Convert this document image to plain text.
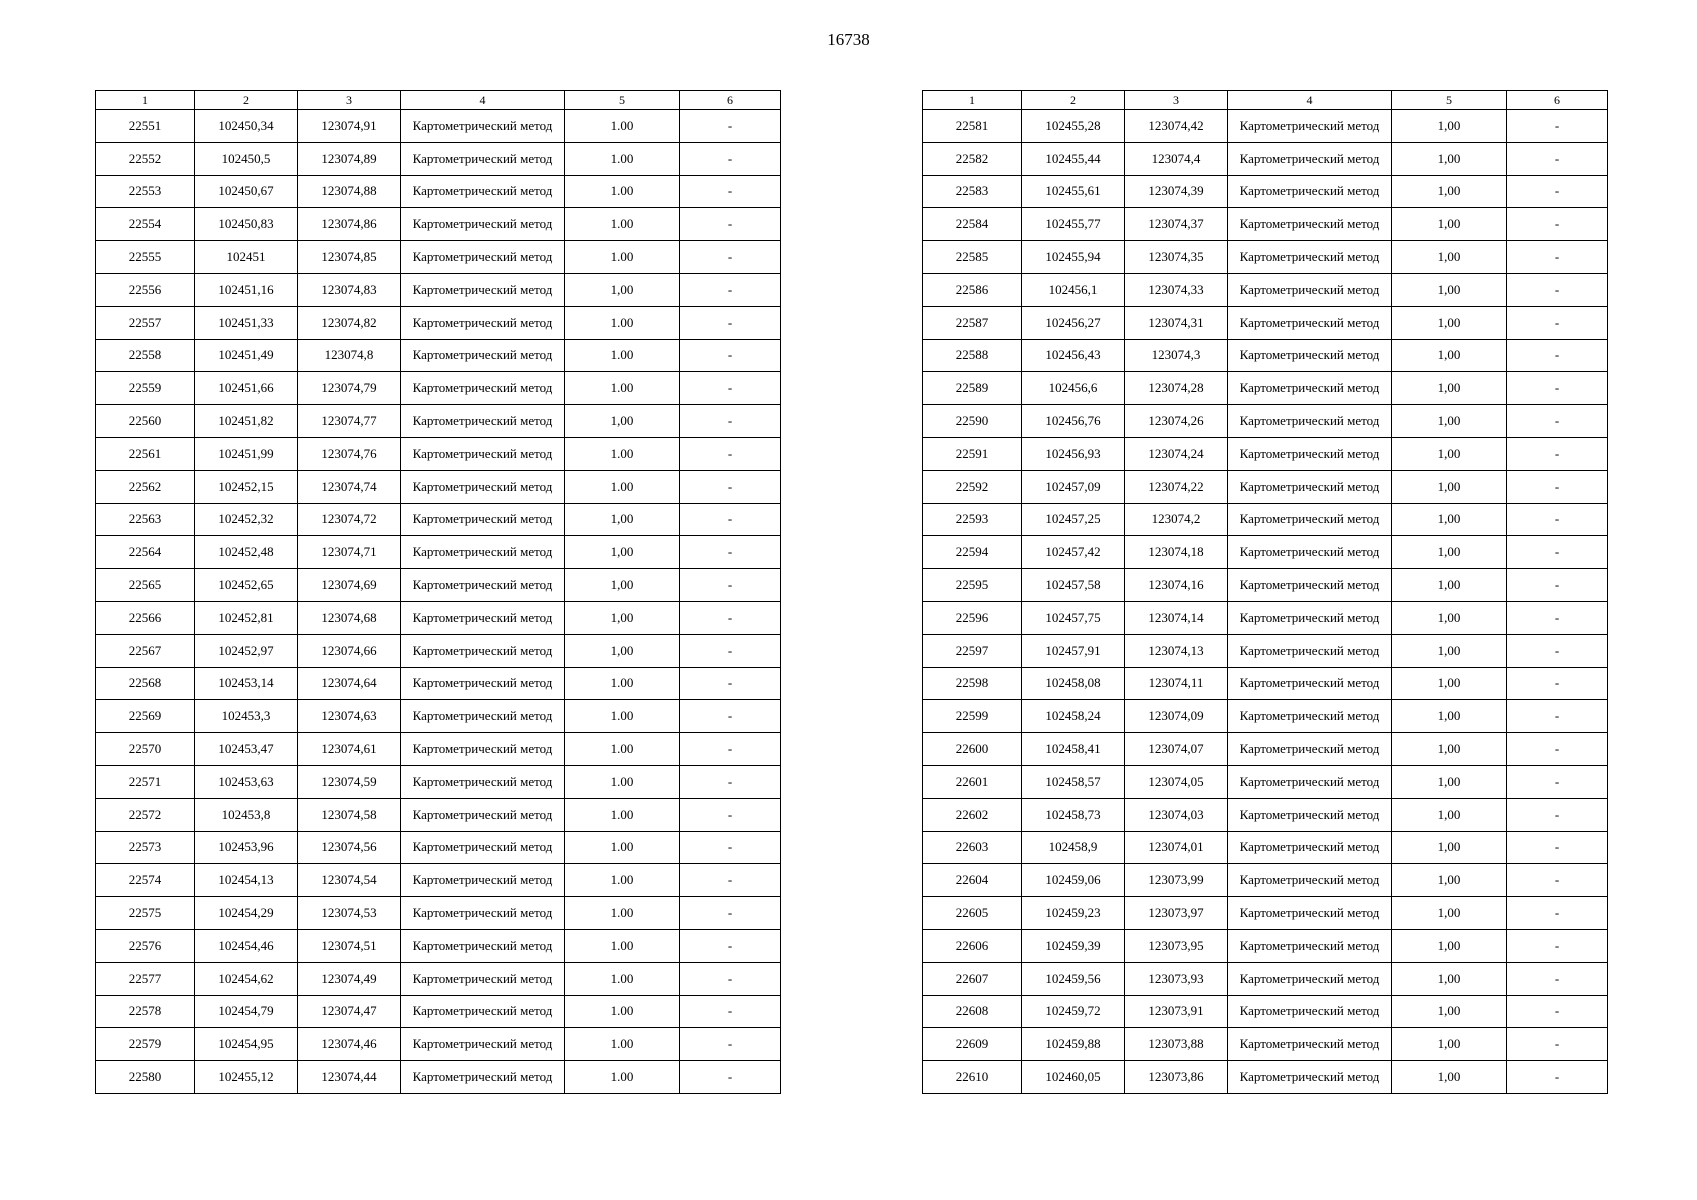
16738
1	2	3	4	5	6
22551	102450,34	123074,91	Картометрический метод	1.00	-
22552	102450,5	123074,89	Картометрический метод	1.00	-
22553	102450,67	123074,88	Картометрический метод	1.00	-
22554	102450,83	123074,86	Картометрический метод	1.00	-
22555	102451	123074,85	Картометрический метод	1.00	-
22556	102451,16	123074,83	Картометрический метод	1,00	-
22557	102451,33	123074,82	Картометрический метод	1.00	-
22558	102451,49	123074,8	Картометрический метод	1.00	-
22559	102451,66	123074,79	Картометрический метод	1.00	-
22560	102451,82	123074,77	Картометрический метод	1,00	-
22561	102451,99	123074,76	Картометрический метод	1.00	-
22562	102452,15	123074,74	Картометрический метод	1.00	-
22563	102452,32	123074,72	Картометрический метод	1,00	-
22564	102452,48	123074,71	Картометрический метод	1,00	-
22565	102452,65	123074,69	Картометрический метод	1,00	-
22566	102452,81	123074,68	Картометрический метод	1,00	-
22567	102452,97	123074,66	Картометрический метод	1,00	-
22568	102453,14	123074,64	Картометрический метод	1.00	-
22569	102453,3	123074,63	Картометрический метод	1.00	-
22570	102453,47	123074,61	Картометрический метод	1.00	-
22571	102453,63	123074,59	Картометрический метод	1.00	-
22572	102453,8	123074,58	Картометрический метод	1.00	-
22573	102453,96	123074,56	Картометрический метод	1.00	-
22574	102454,13	123074,54	Картометрический метод	1.00	-
22575	102454,29	123074,53	Картометрический метод	1.00	-
22576	102454,46	123074,51	Картометрический метод	1.00	-
22577	102454,62	123074,49	Картометрический метод	1.00	-
22578	102454,79	123074,47	Картометрический метод	1.00	-
22579	102454,95	123074,46	Картометрический метод	1.00	-
22580	102455,12	123074,44	Картометрический метод	1.00	-
1	2	3	4	5	6
22581	102455,28	123074,42	Картометрический метод	1,00	-
22582	102455,44	123074,4	Картометрический метод	1,00	-
22583	102455,61	123074,39	Картометрический метод	1,00	-
22584	102455,77	123074,37	Картометрический метод	1,00	-
22585	102455,94	123074,35	Картометрический метод	1,00	-
22586	102456,1	123074,33	Картометрический метод	1,00	-
22587	102456,27	123074,31	Картометрический метод	1,00	-
22588	102456,43	123074,3	Картометрический метод	1,00	-
22589	102456,6	123074,28	Картометрический метод	1,00	-
22590	102456,76	123074,26	Картометрический метод	1,00	-
22591	102456,93	123074,24	Картометрический метод	1,00	-
22592	102457,09	123074,22	Картометрический метод	1,00	-
22593	102457,25	123074,2	Картометрический метод	1,00	-
22594	102457,42	123074,18	Картометрический метод	1,00	-
22595	102457,58	123074,16	Картометрический метод	1,00	-
22596	102457,75	123074,14	Картометрический метод	1,00	-
22597	102457,91	123074,13	Картометрический метод	1,00	-
22598	102458,08	123074,11	Картометрический метод	1,00	-
22599	102458,24	123074,09	Картометрический метод	1,00	-
22600	102458,41	123074,07	Картометрический метод	1,00	-
22601	102458,57	123074,05	Картометрический метод	1,00	-
22602	102458,73	123074,03	Картометрический метод	1,00	-
22603	102458,9	123074,01	Картометрический метод	1,00	-
22604	102459,06	123073,99	Картометрический метод	1,00	-
22605	102459,23	123073,97	Картометрический метод	1,00	-
22606	102459,39	123073,95	Картометрический метод	1,00	-
22607	102459,56	123073,93	Картометрический метод	1,00	-
22608	102459,72	123073,91	Картометрический метод	1,00	-
22609	102459,88	123073,88	Картометрический метод	1,00	-
22610	102460,05	123073,86	Картометрический метод	1,00	-
